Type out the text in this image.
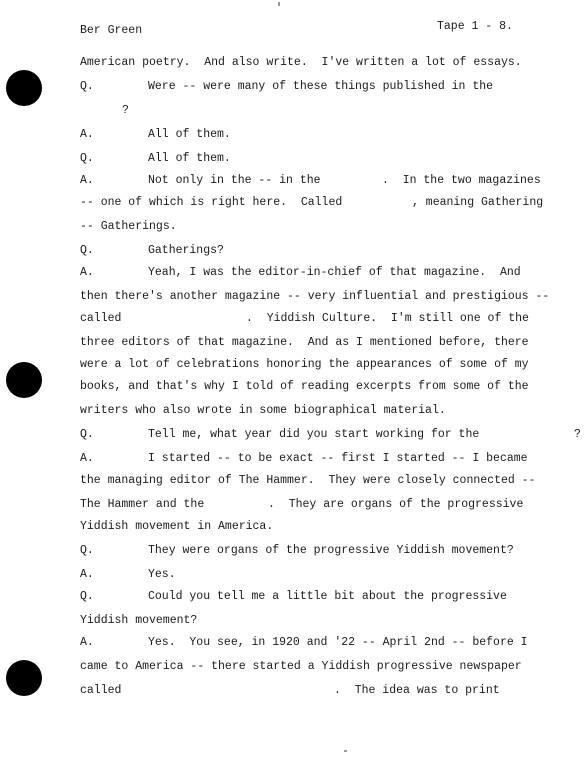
Ber Green	Tape 1 - 8.
American poetry.  And also write.  I've written a lot of essays.
Q.	Were -- were many of these things published in the
?
A.	All of them.
Q.	All of them.
A.	Not only in the -- in the	.  In the two magazines
-- one of which is right here.  Called	, meaning Gathering
-- Gatherings.
Q.	Gatherings?
A.	Yeah, I was the editor-in-chief of that magazine.  And
then there's another magazine -- very influential and prestigious --
called	.  Yiddish Culture.  I'm still one of the
three editors of that magazine.  And as I mentioned before, there
were a lot of celebrations honoring the appearances of some of my
books, and that's why I told of reading excerpts from some of the
writers who also wrote in some biographical material.
Q.	Tell me, what year did you start working for the	?
A.	I started -- to be exact -- first I started -- I became
the managing editor of The Hammer.  They were closely connected --
The Hammer and the	.  They are organs of the progressive
Yiddish movement in America.
Q.	They were organs of the progressive Yiddish movement?
A.	Yes.
Q.	Could you tell me a little bit about the progressive
Yiddish movement?
A.	Yes.  You see, in 1920 and '22 -- April 2nd -- before I
came to America -- there started a Yiddish progressive newspaper
called	.  The idea was to print
